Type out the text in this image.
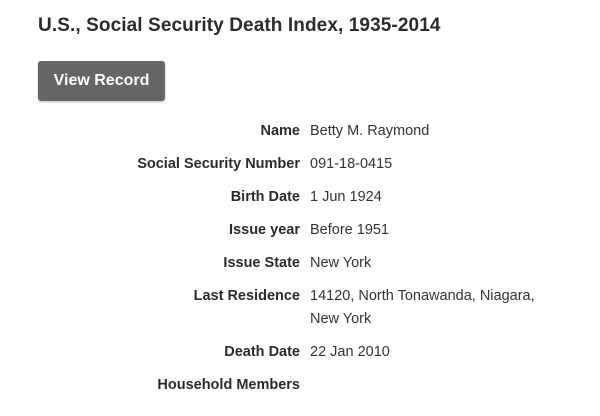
U.S., Social Security Death Index, 1935-2014
View Record
Name Betty M. Raymond
Social Security Number 091-18-0415
Birth Date 1 Jun 1924
Issue year Before 1951
Issue State New York
Last Residence 14120, North Tonawanda, Niagara, New York
Death Date 22 Jan 2010
Household Members
